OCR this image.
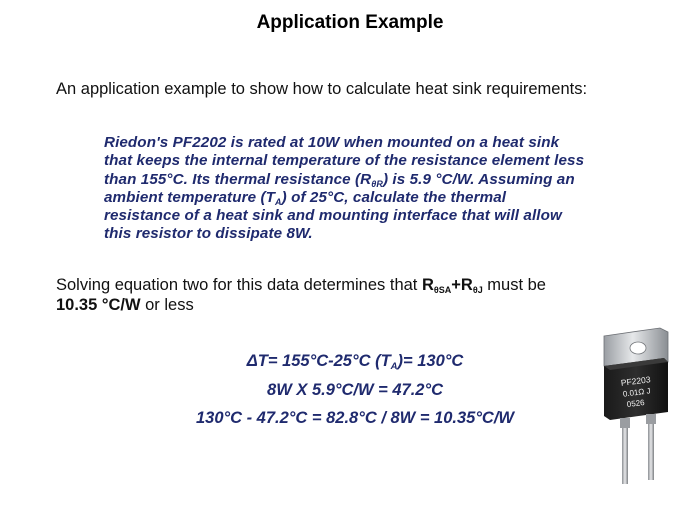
Application Example
An application example to show how to calculate heat sink requirements:
Riedon's PF2202 is rated at 10W when mounted on a heat sink
that keeps the internal temperature of the resistance element less
than 155°C. Its thermal resistance $(R_{\theta R})$ is 5.9 °C/W. Assuming an
ambient temperature $(T_A)$ of 25°C, calculate the thermal
resistance of a heat sink and mounting interface that will allow
this resistor to dissipate 8W.
Solving equation two for this data determines that $R_{\theta SA}+R_{\theta J}$ must be
10.35 °C/W or less
ΔT= 155°C-25°C $(T_A)= 130^\circ C$
8W X 5.9°C/W = 47.2°C
130°C - 47.2°C = 82.8°C / 8W = 10.35°C/W
PF2203
0.01Ω J
0526
